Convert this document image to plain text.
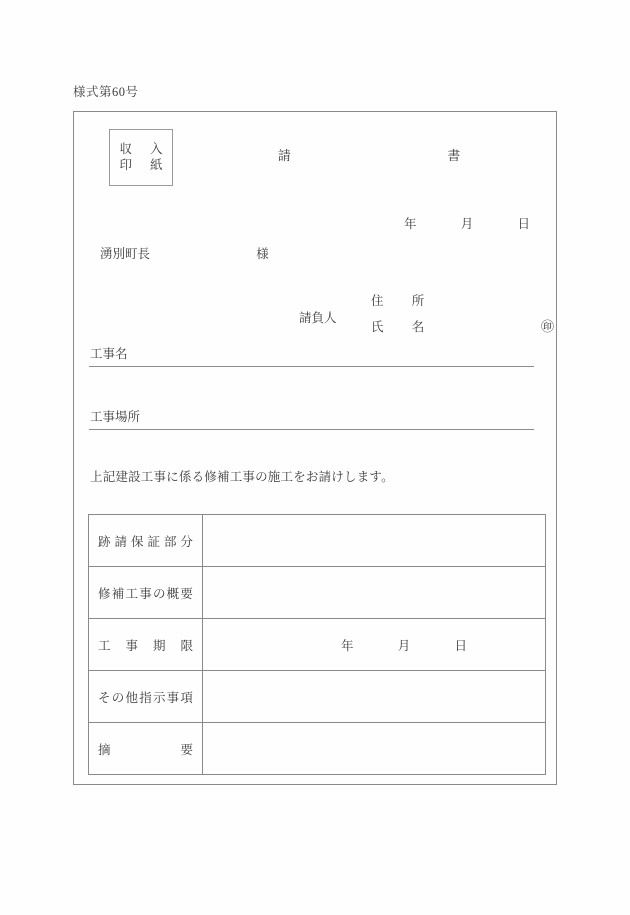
様式第60号
収
印
入
紙
請	書
年	月	日
湧別町長	様
請負人
住 所
氏 名	㊞
工事名
工事場所
上記建設工事に係る修補工事の施工をお請けします。
跡 請 保 証 部 分

修 補 工 事 の 概 要

工 事 期 限	年 月 日

そ の 他 指 示 事 項

摘 要	
